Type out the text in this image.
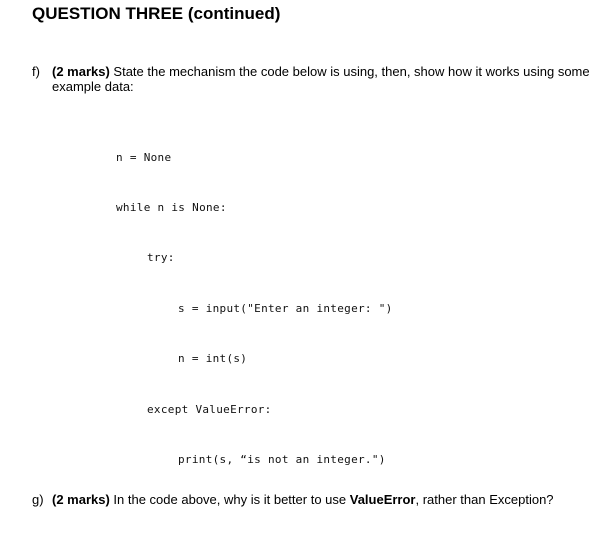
QUESTION THREE (continued)
f) (2 marks) State the mechanism the code below is using, then, show how it works using some example data:

n = None

while n is None:

try:

s = input("Enter an integer: ")

n = int(s)

except ValueError:

print(s, “is not an integer.")

g) (2 marks) In the code above, why is it better to use ValueError, rather than Exception?
